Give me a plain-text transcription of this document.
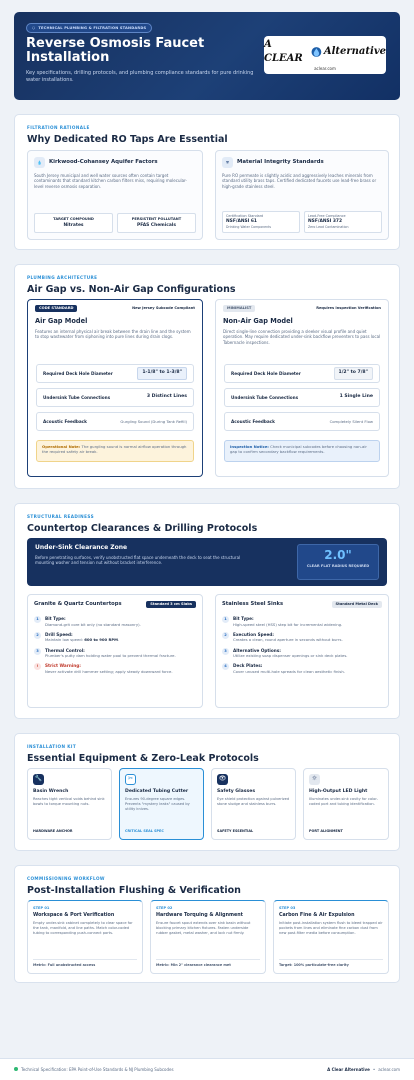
⬡ TECHNICAL PLUMBING & FILTRATION STANDARDS
Reverse Osmosis Faucet Installation
Key specifications, drilling protocols, and plumbing compliance standards for pure drinking water installations.
A CLEAR
Alternative
aclear.com
FILTRATION RATIONALE
Why Dedicated RO Taps Are Essential
💧	Kirkwood-Cohansey Aquifer Factors
South Jersey municipal and well water sources often contain target contaminants that standard kitchen carbon filters miss, requiring molecular-level reverse osmosis separation.
TARGET COMPOUND
Nitrates
PERSISTENT POLLUTANT
PFAS Chemicals
⛨	Material Integrity Standards
Pure RO permeate is slightly acidic and aggressively leaches minerals from standard utility brass taps. Certified dedicated faucets use lead-free brass or high-grade stainless steel.
Certification Standard
NSF/ANSI 61
Drinking Water Components
Lead-Free Compliance
NSF/ANSI 372
Zero Lead Contamination
PLUMBING ARCHITECTURE
Air Gap vs. Non-Air Gap Configurations
CODE STANDARD	New Jersey Subcode Compliant
Air Gap Model
Features an internal physical air break between the drain line and the system to stop wastewater from siphoning into pure lines during drain clogs.
Required Deck Hole Diameter	1-1/8" to 1-3/8"
Undersink Tube Connections	3 Distinct Lines
Acoustic Feedback	Gurgling Sound (During Tank Refill)
Operational Note: The gurgling sound is normal airflow operation through the required safety air break.
MINIMALIST	Requires Inspection Verification
Non-Air Gap Model
Direct single-line connection providing a sleeker visual profile and quiet operation. May require dedicated under-sink backflow preventers to pass local Tabernacle inspections.
Required Deck Hole Diameter	1/2" to 7/8"
Undersink Tube Connections	1 Single Line
Acoustic Feedback	Completely Silent Flow
Inspection Notice: Check municipal subcodes before choosing non-air gap to confirm secondary backflow requirements.
STRUCTURAL READINESS
Countertop Clearances & Drilling Protocols
Under-Sink Clearance Zone
Before penetrating surfaces, verify unobstructed flat space underneath the deck to seat the structural mounting washer and tension nut without bracket interference.
2.0"
CLEAR FLAT RADIUS REQUIRED
Granite & Quartz Countertops	Standard 3 cm Slabs
1	Bit Type:
Diamond-grit core bit only (no standard masonry).
2	Drill Speed:
Maintain low speed: 600 to 900 RPM.
3	Thermal Control:
Plumber's putty dam holding water pool to prevent thermal fracture.
!	Strict Warning:
Never activate drill hammer setting; apply steady downward force.
Stainless Steel Sinks	Standard Metal Deck
1	Bit Type:
High-speed steel (HSS) step bit for incremental widening.
2	Execution Speed:
Creates a clean, round aperture in seconds without burrs.
3	Alternative Options:
Utilize existing soap dispenser openings or sink deck plates.
4	Deck Plates:
Cover unused multi-hole spreads for clean aesthetic finish.
INSTALLATION KIT
Essential Equipment & Zero-Leak Protocols
🔧
Basin Wrench
Reaches tight vertical voids behind sink bowls to torque mounting nuts.
HARDWARE ANCHOR
✂
Dedicated Tubing Cutter
Ensures 90-degree square edges. Prevents "mystery leaks" caused by utility knives.
CRITICAL SEAL SPEC
👁
Safety Glasses
Eye shield protection against pulverized stone sludge and stainless burrs.
SAFETY ESSENTIAL
☼
High-Output LED Light
Illuminates under-sink cavity for color-coded port and tubing identification.
PORT ALIGNMENT
COMMISSIONING WORKFLOW
Post-Installation Flushing & Verification
STEP 01
Workspace & Port Verification
Empty under-sink cabinet completely to clear space for the tank, manifold, and line paths. Match color-coded tubing to corresponding push-connect ports.
Metric: Full unobstructed access
STEP 02
Hardware Torquing & Alignment
Ensure faucet spout extends over sink basin without blocking primary kitchen fixtures. Fasten underside rubber gasket, metal washer, and lock nut firmly.
Metric: Min 2" clearance clearance met
STEP 03
Carbon Fine & Air Expulsion
Initiate post-installation system flush to bleed trapped air pockets from lines and eliminate fine carbon dust from new post-filter media before consumption.
Target: 100% particulate-free clarity
Technical Specification: EPA Point-of-Use Standards & NJ Plumbing Subcodes	A Clear Alternative • aclear.com
